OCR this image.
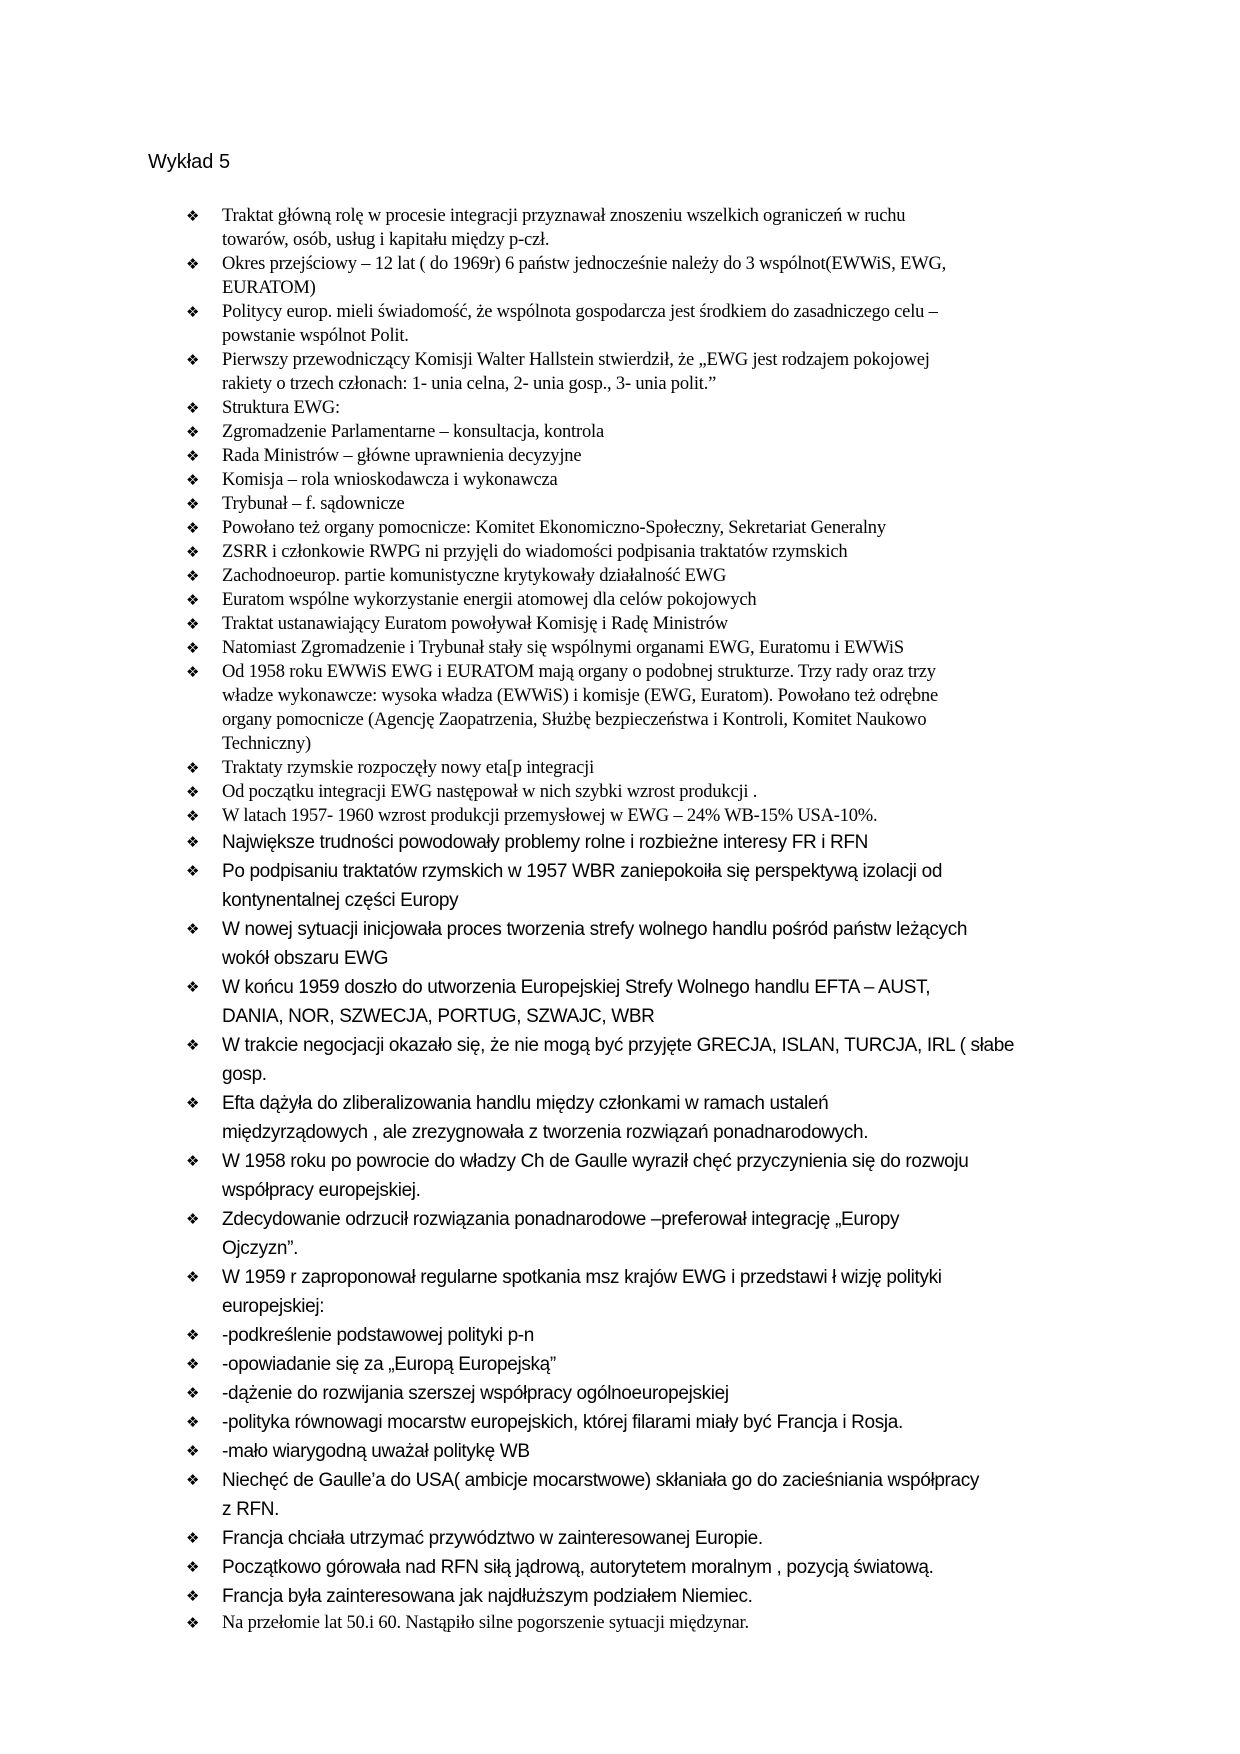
Wykład 5
❖ Traktat główną rolę w procesie integracji przyznawał znoszeniu wszelkich ograniczeń w ruchu
towarów, osób, usług i kapitału między p-czł.
❖ Okres przejściowy – 12 lat ( do 1969r) 6 państw jednocześnie należy do 3 wspólnot(EWWiS, EWG,
EURATOM)
❖ Politycy europ. mieli świadomość, że wspólnota gospodarcza jest środkiem do zasadniczego celu –
powstanie wspólnot Polit.
❖ Pierwszy przewodniczący Komisji Walter Hallstein stwierdził, że „EWG jest rodzajem pokojowej
rakiety o trzech członach: 1- unia celna, 2- unia gosp., 3- unia polit.”
❖ Struktura EWG:
❖ Zgromadzenie Parlamentarne – konsultacja, kontrola
❖ Rada Ministrów – główne uprawnienia decyzyjne
❖ Komisja – rola wnioskodawcza i wykonawcza
❖ Trybunał – f. sądownicze
❖ Powołano też organy pomocnicze: Komitet Ekonomiczno-Społeczny, Sekretariat Generalny
❖ ZSRR i członkowie RWPG ni przyjęli do wiadomości podpisania traktatów rzymskich
❖ Zachodnoeurop. partie komunistyczne krytykowały działalność EWG
❖ Euratom wspólne wykorzystanie energii atomowej dla celów pokojowych
❖ Traktat ustanawiający Euratom powoływał Komisję i Radę Ministrów
❖ Natomiast Zgromadzenie i Trybunał stały się wspólnymi organami EWG, Euratomu i EWWiS
❖ Od 1958 roku EWWiS EWG i EURATOM mają organy o podobnej strukturze. Trzy rady oraz trzy
władze wykonawcze: wysoka władza (EWWiS) i komisje (EWG, Euratom). Powołano też odrębne
organy pomocnicze (Agencję Zaopatrzenia, Służbę bezpieczeństwa i Kontroli, Komitet Naukowo
Techniczny)
❖ Traktaty rzymskie rozpoczęły nowy eta[p integracji
❖ Od początku integracji EWG następował w nich szybki wzrost produkcji .
❖ W latach 1957- 1960 wzrost produkcji przemysłowej w EWG – 24% WB-15% USA-10%.
❖ Największe trudności powodowały problemy rolne i rozbieżne interesy FR i RFN
❖ Po podpisaniu traktatów rzymskich w 1957 WBR zaniepokoiła się perspektywą izolacji od
kontynentalnej części Europy
❖ W nowej sytuacji inicjowała proces tworzenia strefy wolnego handlu pośród państw leżących
wokół obszaru EWG
❖ W końcu 1959 doszło do utworzenia Europejskiej Strefy Wolnego handlu EFTA – AUST,
DANIA, NOR, SZWECJA, PORTUG, SZWAJC, WBR
❖ W trakcie negocjacji okazało się, że nie mogą być przyjęte GRECJA, ISLAN, TURCJA, IRL ( słabe
gosp.
❖ Efta dążyła do zliberalizowania handlu między członkami w ramach ustaleń
międzyrządowych , ale zrezygnowała z tworzenia rozwiązań ponadnarodowych.
❖ W 1958 roku po powrocie do władzy Ch de Gaulle wyraził chęć przyczynienia się do rozwoju
współpracy europejskiej.
❖ Zdecydowanie odrzucił rozwiązania ponadnarodowe –preferował integrację „Europy
Ojczyzn”.
❖ W 1959 r zaproponował regularne spotkania msz krajów EWG i przedstawi ł wizję polityki
europejskiej:
❖ -podkreślenie podstawowej polityki p-n
❖ -opowiadanie się za „Europą Europejską”
❖ -dążenie do rozwijania szerszej współpracy ogólnoeuropejskiej
❖ -polityka równowagi mocarstw europejskich, której filarami miały być Francja i Rosja.
❖ -mało wiarygodną uważał politykę WB
❖ Niechęć de Gaulle’a do USA( ambicje mocarstwowe) skłaniała go do zacieśniania współpracy
z RFN.
❖ Francja chciała utrzymać przywództwo w zainteresowanej Europie.
❖ Początkowo górowała nad RFN siłą jądrową, autorytetem moralnym , pozycją światową.
❖ Francja była zainteresowana jak najdłuższym podziałem Niemiec.
❖ Na przełomie lat 50.i 60. Nastąpiło silne pogorszenie sytuacji międzynar.
